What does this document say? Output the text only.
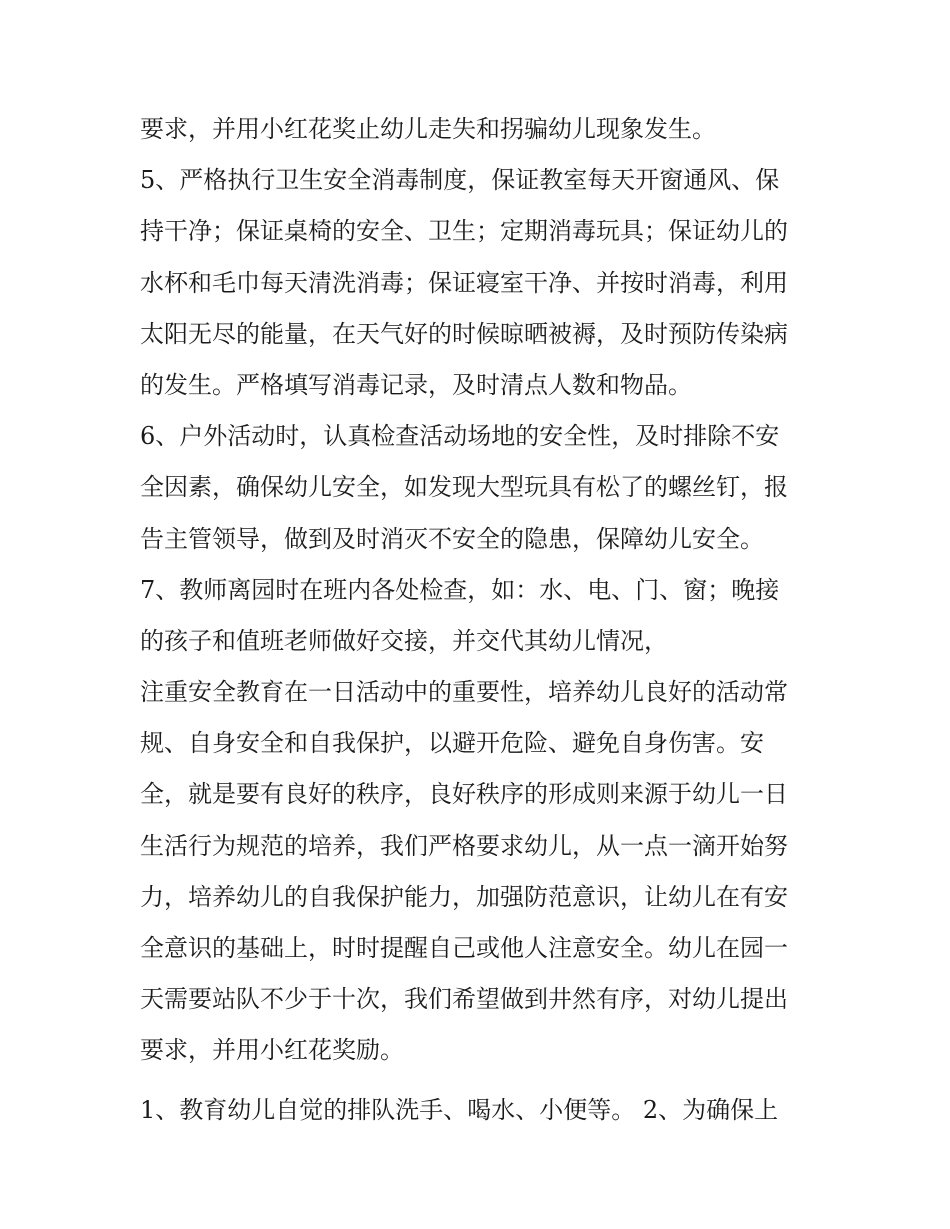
要求，并用小红花奖止幼儿走失和拐骗幼儿现象发生。
5、严格执行卫生安全消毒制度，保证教室每天开窗通风、保
持干净；保证桌椅的安全、卫生；定期消毒玩具；保证幼儿的
水杯和毛巾每天清洗消毒；保证寝室干净、并按时消毒，利用
太阳无尽的能量，在天气好的时候晾晒被褥，及时预防传染病
的发生。严格填写消毒记录，及时清点人数和物品。
6、户外活动时，认真检查活动场地的安全性，及时排除不安
全因素，确保幼儿安全，如发现大型玩具有松了的螺丝钉，报
告主管领导，做到及时消灭不安全的隐患，保障幼儿安全。
7、教师离园时在班内各处检查，如：水、电、门、窗；晚接
的孩子和值班老师做好交接，并交代其幼儿情况，
注重安全教育在一日活动中的重要性，培养幼儿良好的活动常
规、自身安全和自我保护，以避开危险、避免自身伤害。安
全，就是要有良好的秩序，良好秩序的形成则来源于幼儿一日
生活行为规范的培养，我们严格要求幼儿，从一点一滴开始努
力，培养幼儿的自我保护能力，加强防范意识，让幼儿在有安
全意识的基础上，时时提醒自己或他人注意安全。幼儿在园一
天需要站队不少于十次，我们希望做到井然有序，对幼儿提出
要求，并用小红花奖励。
1、教育幼儿自觉的排队洗手、喝水、小便等。 2、为确保上
